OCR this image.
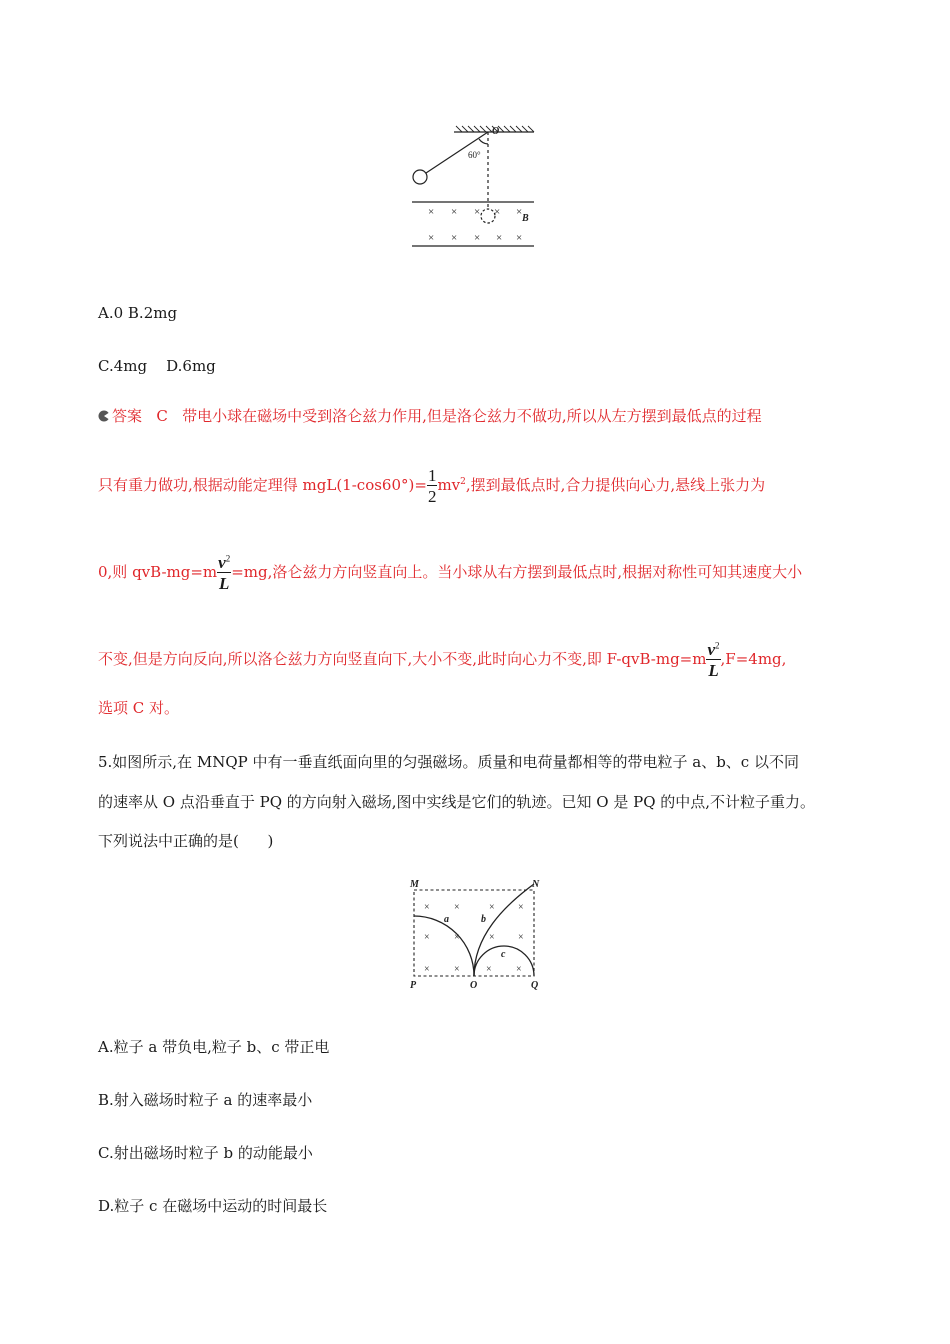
O
60°
B
× × × × ×
× × × × ×
A.0 B.2mg
C.4mg    D.6mg
答案 C 带电小球在磁场中受到洛仑兹力作用,但是洛仑兹力不做功,所以从左方摆到最低点的过程
只有重力做功,根据动能定理得 $mgL(1-\cos 60^\circ)= \frac{1}{2} mv^2$,摆到最低点时,合力提供向心力,悬线上张力为
0,则 $qvB-mg=m \frac{v^2}{L} =mg$,洛仑兹力方向竖直向上。当小球从右方摆到最低点时,根据对称性可知其速度大小
不变,但是方向反向,所以洛仑兹力方向竖直向下,大小不变,此时向心力不变,即 $F-qvB-mg=m \frac{v^2}{L} ,F=4mg$,
选项 C 对。
5.如图所示,在 MNQP 中有一垂直纸面向里的匀强磁场。质量和电荷量都相等的带电粒子 a、b、c 以不同
的速率从 O 点沿垂直于 PQ 的方向射入磁场,图中实线是它们的轨迹。已知 O 是 PQ 的中点,不计粒子重力。
下列说法中正确的是(      )
M	N
P	O	Q
a	b
c
× ×	× ×
× ×	× ×
× ×	× ×
A.粒子 a 带负电,粒子 b、c 带正电
B.射入磁场时粒子 a 的速率最小
C.射出磁场时粒子 b 的动能最小
D.粒子 c 在磁场中运动的时间最长
